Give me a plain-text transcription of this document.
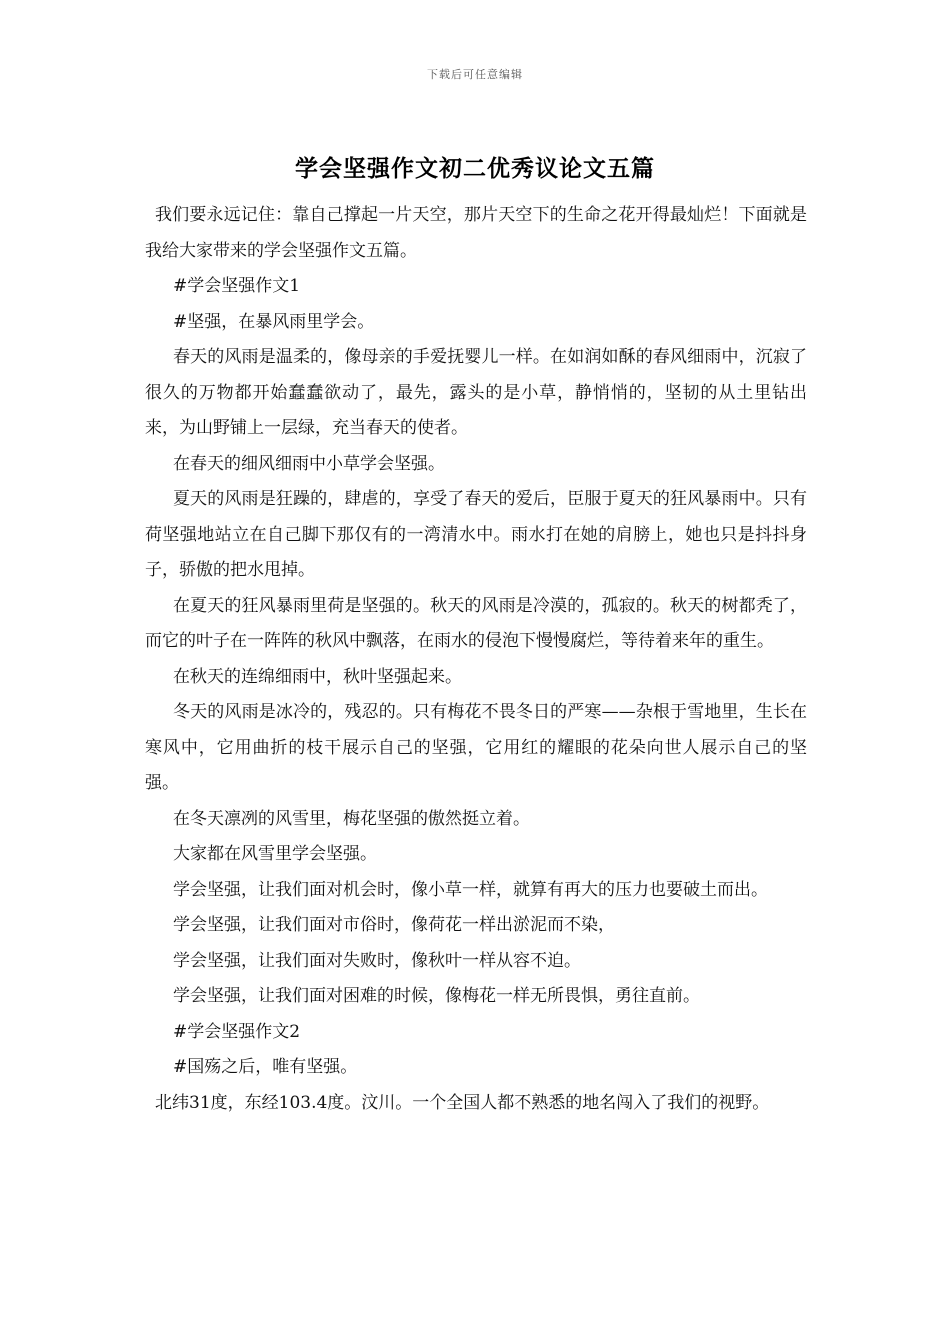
下载后可任意编辑
学会坚强作文初二优秀议论文五篇

我们要永远记住：靠自己撑起一片天空，那片天空下的生命之花开得最灿烂！下面就是我给大家带来的学会坚强作文五篇。

#学会坚强作文1

#坚强，在暴风雨里学会。

春天的风雨是温柔的，像母亲的手爱抚婴儿一样。在如润如酥的春风细雨中，沉寂了很久的万物都开始蠢蠢欲动了，最先，露头的是小草，静悄悄的，坚韧的从土里钻出来，为山野铺上一层绿，充当春天的使者。

在春天的细风细雨中小草学会坚强。

夏天的风雨是狂躁的，肆虐的，享受了春天的爱后，臣服于夏天的狂风暴雨中。只有荷坚强地站立在自己脚下那仅有的一湾清水中。雨水打在她的肩膀上，她也只是抖抖身子，骄傲的把水甩掉。

在夏天的狂风暴雨里荷是坚强的。秋天的风雨是冷漠的，孤寂的。秋天的树都秃了，而它的叶子在一阵阵的秋风中飘落，在雨水的侵泡下慢慢腐烂，等待着来年的重生。

在秋天的连绵细雨中，秋叶坚强起来。

冬天的风雨是冰冷的，残忍的。只有梅花不畏冬日的严寒——杂根于雪地里，生长在寒风中，它用曲折的枝干展示自己的坚强，它用红的耀眼的花朵向世人展示自己的坚强。

在冬天凛冽的风雪里，梅花坚强的傲然挺立着。

大家都在风雪里学会坚强。

学会坚强，让我们面对机会时，像小草一样，就算有再大的压力也要破土而出。

学会坚强，让我们面对市俗时，像荷花一样出淤泥而不染，

学会坚强，让我们面对失败时，像秋叶一样从容不迫。

学会坚强，让我们面对困难的时候，像梅花一样无所畏惧，勇往直前。

#学会坚强作文2

#国殇之后，唯有坚强。

北纬31度，东经103.4度。汶川。一个全国人都不熟悉的地名闯入了我们的视野。
